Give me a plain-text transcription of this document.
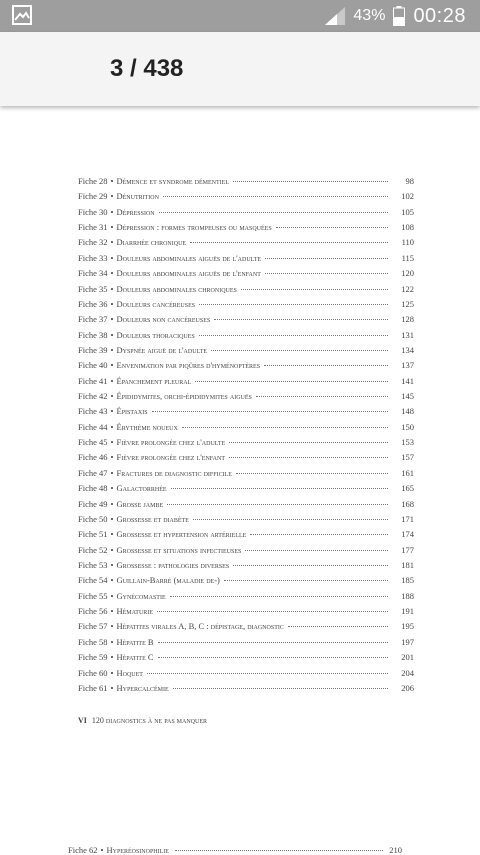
43% 00:28
3 / 438
Fiche 28 • Démence et syndrome démentiel	98
Fiche 29 • Dénutrition	102
Fiche 30 • Dépression	105
Fiche 31 • Dépression : formes trompeuses ou masquées	108
Fiche 32 • Diarrhée chronique	110
Fiche 33 • Douleurs abdominales aiguës de l'adulte	115
Fiche 34 • Douleurs abdominales aiguës de l'enfant	120
Fiche 35 • Douleurs abdominales chroniques	122
Fiche 36 • Douleurs cancéreuses	125
Fiche 37 • Douleurs non cancéreuses	128
Fiche 38 • Douleurs thoraciques	131
Fiche 39 • Dyspnée aiguë de l'adulte	134
Fiche 40 • Envenimation par piqûres d'hyménoptères	137
Fiche 41 • Épanchement pleural	141
Fiche 42 • Épididymites, orchi-épididymites aiguës	145
Fiche 43 • Épistaxis	148
Fiche 44 • Érythème noueux	150
Fiche 45 • Fièvre prolongée chez l'adulte	153
Fiche 46 • Fièvre prolongée chez l'enfant	157
Fiche 47 • Fractures de diagnostic difficile	161
Fiche 48 • Galactorrhée	165
Fiche 49 • Grosse jambe	168
Fiche 50 • Grossesse et diabète	171
Fiche 51 • Grossesse et hypertension artérielle	174
Fiche 52 • Grossesse et situations infectieuses	177
Fiche 53 • Grossesse : pathologies diverses	181
Fiche 54 • Guillain-Barré (maladie de-)	185
Fiche 55 • Gynécomastie	188
Fiche 56 • Hématurie	191
Fiche 57 • Hépatites virales A, B, C : dépistage, diagnostic	195
Fiche 58 • Hépatite B	197
Fiche 59 • Hépatite C	201
Fiche 60 • Hoquet	204
Fiche 61 • Hypercalcémie	206
VI 120 diagnostics à ne pas manquer
Fiche 62 • Hyperéosinophilie	210
